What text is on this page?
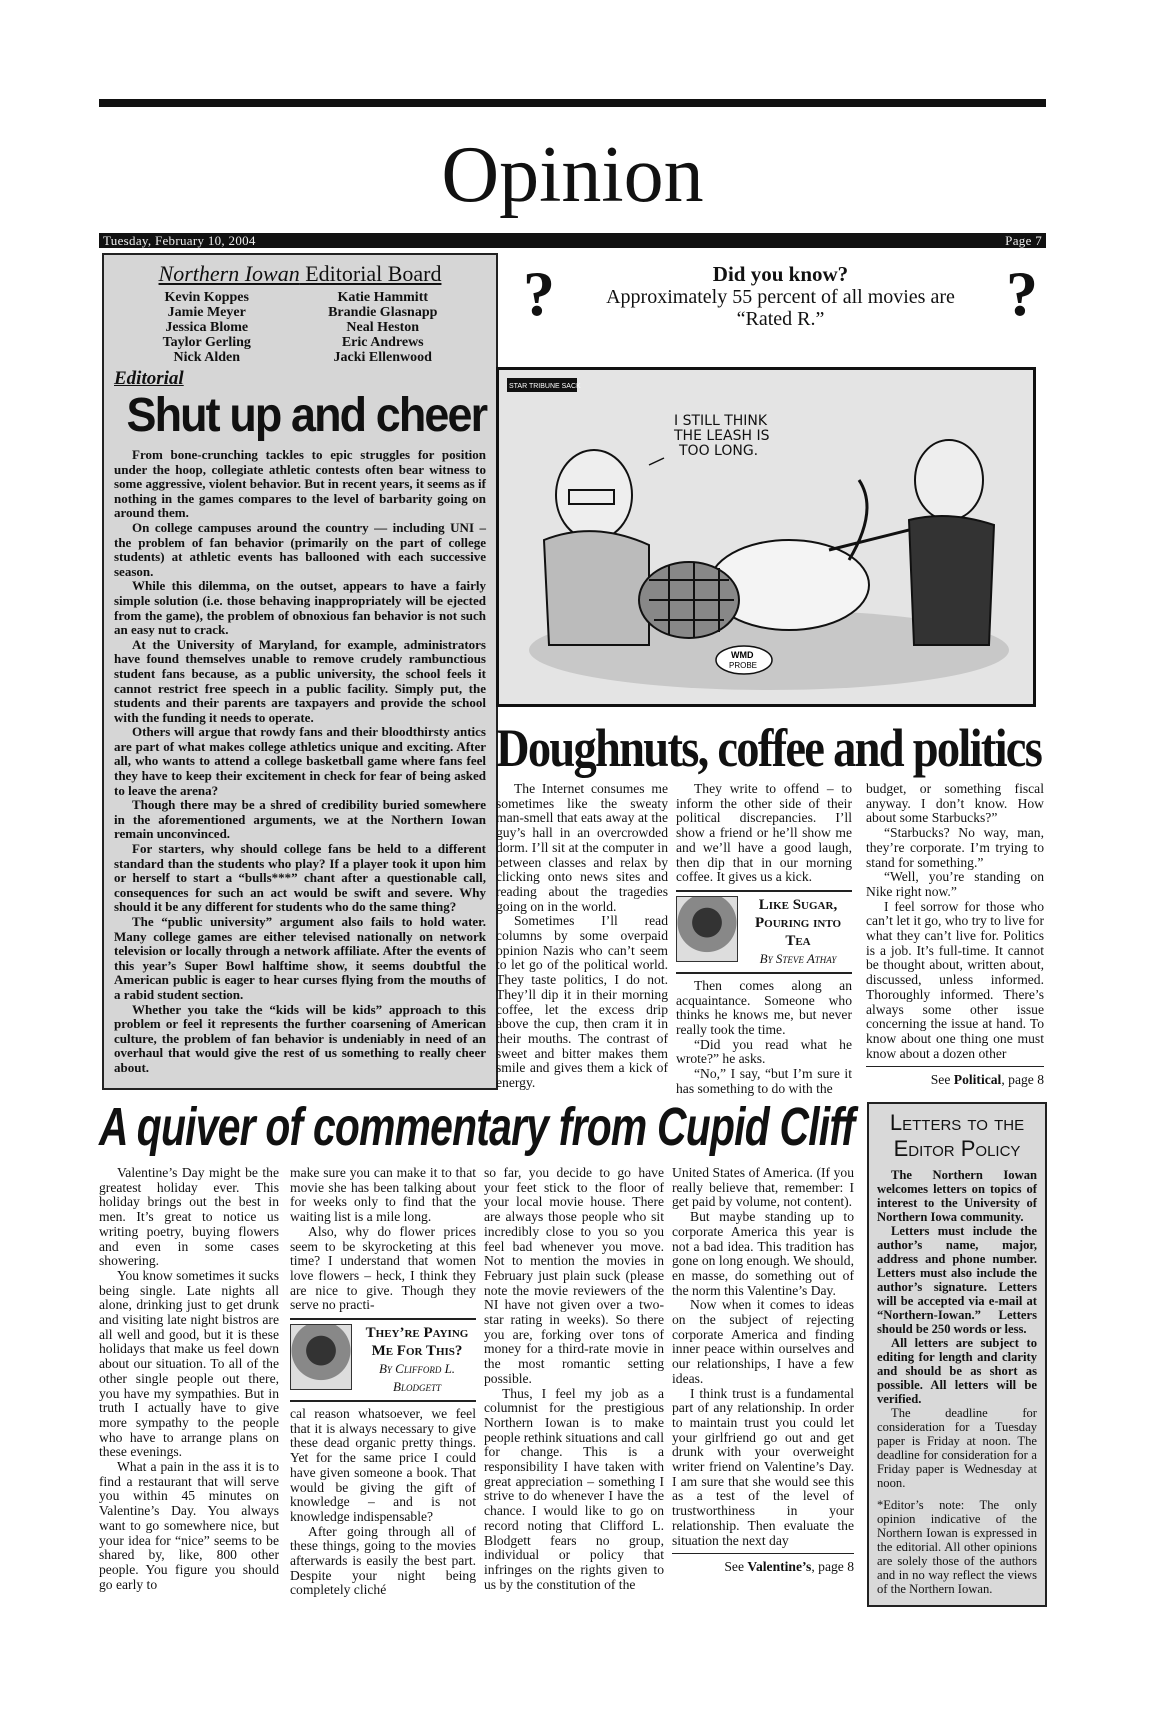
Opinion
Tuesday, February 10, 2004	Page 7
Northern Iowan Editorial Board
Kevin Koppes
Jamie Meyer
Jessica Blome
Taylor Gerling
Nick Alden
Katie Hammitt
Brandie Glasnapp
Neal Heston
Eric Andrews
Jacki Ellenwood
Editorial
Shut up and cheer

From bone-crunching tackles to epic struggles for position under the hoop, collegiate athletic contests often bear witness to some aggressive, violent behavior. But in recent years, it seems as if nothing in the games compares to the level of barbarity going on around them.

On college campuses around the country — including UNI – the problem of fan behavior (primarily on the part of college students) at athletic events has ballooned with each successive season.

While this dilemma, on the outset, appears to have a fairly simple solution (i.e. those behaving inappropriately will be ejected from the game), the problem of obnoxious fan behavior is not such an easy nut to crack.

At the University of Maryland, for example, administrators have found themselves unable to remove crudely rambunctious student fans because, as a public university, the school feels it cannot restrict free speech in a public facility. Simply put, the students and their parents are taxpayers and provide the school with the funding it needs to operate.

Others will argue that rowdy fans and their bloodthirsty antics are part of what makes college athletics unique and exciting. After all, who wants to attend a college basketball game where fans feel they have to keep their excitement in check for fear of being asked to leave the arena?

Though there may be a shred of credibility buried somewhere in the aforementioned arguments, we at the Northern Iowan remain unconvinced.

For starters, why should college fans be held to a different standard than the students who play? If a player took it upon him or herself to start a “bulls***” chant after a questionable call, consequences for such an act would be swift and severe. Why should it be any different for students who do the same thing?

The “public university” argument also fails to hold water. Many college games are either televised nationally on network television or locally through a network affiliate. After the events of this year’s Super Bowl halftime show, it seems doubtful the American public is eager to hear curses flying from the mouths of a rabid student section.

Whether you take the “kids will be kids” approach to this problem or feel it represents the further coarsening of American culture, the problem of fan behavior is undeniably in need of an overhaul that would give the rest of us something to really cheer about.

?	?
Did you know?
Approximately 55 percent of all movies are “Rated R.”
STAR TRIBUNE SACK
I STILL THINK
THE LEASH IS
TOO LONG.
WMD
PROBE
Doughnuts, coffee and politics

The Internet consumes me sometimes like the sweaty man-smell that eats away at the guy’s hall in an overcrowded dorm. I’ll sit at the computer in between classes and relax by clicking onto news sites and reading about the tragedies going on in the world.

Sometimes I’ll read columns by some overpaid opinion Nazis who can’t seem to let go of the political world. They taste politics, I do not. They’ll dip it in their morning coffee, let the excess drip above the cup, then cram it in their mouths. The contrast of sweet and bitter makes them smile and gives them a kick of energy.

They write to offend – to inform the other side of their political discrepancies. I’ll show a friend or he’ll show me and we’ll have a good laugh, then dip that in our morning coffee. It gives us a kick.

Like Sugar, Pouring into Tea
By Steve Athay

Then comes along an acquaintance. Someone who thinks he knows me, but never really took the time.

“Did you read what he wrote?” he asks.

“No,” I say, “but I’m sure it has something to do with the

budget, or something fiscal anyway. I don’t know. How about some Starbucks?”

“Starbucks? No way, man, they’re corporate. I’m trying to stand for something.”

“Well, you’re standing on Nike right now.”

I feel sorrow for those who can’t let it go, who try to live for what they can’t live for. Politics is a job. It’s full-time. It cannot be thought about, written about, discussed, unless informed. Thoroughly informed. There’s always some other issue concerning the issue at hand. To know about one thing one must know about a dozen other

See Political, page 8
A quiver of commentary from Cupid Cliff

Valentine’s Day might be the greatest holiday ever. This holiday brings out the best in men. It’s great to notice us writing poetry, buying flowers and even in some cases showering.

You know sometimes it sucks being single. Late nights all alone, drinking just to get drunk and visiting late night bistros are all well and good, but it is these holidays that make us feel down about our situation. To all of the other single people out there, you have my sympathies. But in truth I actually have to give more sympathy to the people who have to arrange plans on these evenings.

What a pain in the ass it is to find a restaurant that will serve you within 45 minutes on Valentine’s Day. You always want to go somewhere nice, but your idea for “nice” seems to be shared by, like, 800 other people. You figure you should go early to

make sure you can make it to that movie she has been talking about for weeks only to find that the waiting list is a mile long.

Also, why do flower prices seem to be skyrocketing at this time? I understand that women love flowers – heck, I think they are nice to give. Though they serve no practi-

They’re Paying Me For This?
By Clifford L. Blodgett

cal reason whatsoever, we feel that it is always necessary to give these dead organic pretty things. Yet for the same price I could have given someone a book. That would be giving the gift of knowledge – and is not knowledge indispensable?

After going through all of these things, going to the movies afterwards is easily the best part. Despite your night being completely cliché

so far, you decide to go have your feet stick to the floor of your local movie house. There are always those people who sit incredibly close to you so you feel bad whenever you move. Not to mention the movies in February just plain suck (please note the movie reviewers of the NI have not given over a two-star rating in weeks). So there you are, forking over tons of money for a third-rate movie in the most romantic setting possible.

Thus, I feel my job as a columnist for the prestigious Northern Iowan is to make people rethink situations and call for change. This is a responsibility I have taken with great appreciation – something I strive to do whenever I have the chance. I would like to go on record noting that Clifford L. Blodgett fears no group, individual or policy that infringes on the rights given to us by the constitution of the

United States of America. (If you really believe that, remember: I get paid by volume, not content).

But maybe standing up to corporate America this year is not a bad idea. This tradition has gone on long enough. We should, en masse, do something out of the norm this Valentine’s Day.

Now when it comes to ideas on the subject of rejecting corporate America and finding inner peace within ourselves and our relationships, I have a few ideas.

I think trust is a fundamental part of any relationship. In order to maintain trust you could let your girlfriend go out and get drunk with your overweight writer friend on Valentine’s Day. I am sure that she would see this as a test of the level of trustworthiness in your relationship. Then evaluate the situation the next day

See Valentine’s, page 8
Letters to the Editor Policy

The Northern Iowan welcomes letters on topics of interest to the University of Northern Iowa community.

Letters must include the author’s name, major, address and phone number. Letters must also include the author’s signature. Letters will be accepted via e-mail at “Northern-Iowan.” Letters should be 250 words or less.

All letters are subject to editing for length and clarity and should be as short as possible. All letters will be verified.

The deadline for consideration for a Tuesday paper is Friday at noon. The deadline for consideration for a Friday paper is Wednesday at noon.

*Editor’s note: The only opinion indicative of the Northern Iowan is expressed in the editorial. All other opinions are solely those of the authors and in no way reflect the views of the Northern Iowan.
